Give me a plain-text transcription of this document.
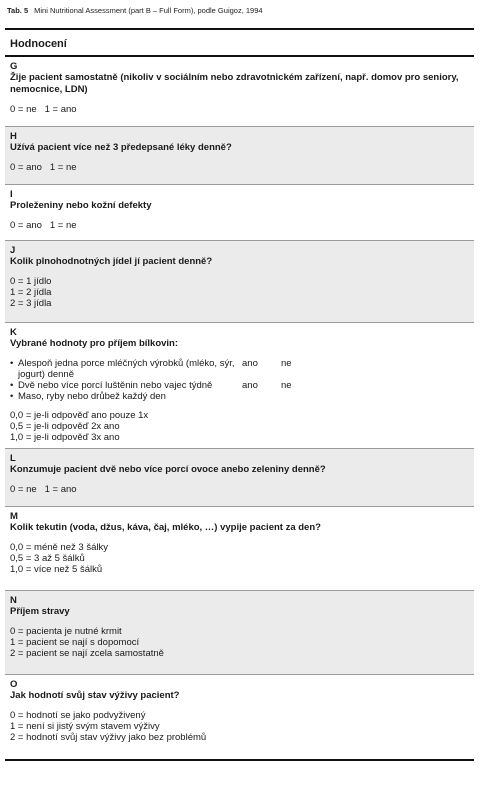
Tab. 5 Mini Nutritional Assessment (part B – Full Form), podle Guigoz, 1994
Hodnocení
G
Žije pacient samostatně (nikoliv v sociálním nebo zdravotnickém zařízení, např. domov pro seniory, nemocnice, LDN)
0 = ne   1 = ano
H
Užívá pacient více než 3 předepsané léky denně?
0 = ano   1 = ne
I
Proleženiny nebo kožní defekty
0 = ano   1 = ne
J
Kolik plnohodnotných jídel jí pacient denně?
0 = 1 jídlo
1 = 2 jídla
2 = 3 jídla
K
Vybrané hodnoty pro příjem bílkovin:
• Alespoň jedna porce mléčných výrobků (mléko, sýr, jogurt) denně
ano ne
• Dvě nebo více porcí luštěnin nebo vajec týdně	ano ne
• Maso, ryby nebo drůbež každý den
0,0 = je-li odpověď ano pouze 1x
0,5 = je-li odpověď 2x ano
1,0 = je-li odpověď 3x ano
L
Konzumuje pacient dvě nebo více porcí ovoce anebo zeleniny denně?
0 = ne   1 = ano
M
Kolik tekutin (voda, džus, káva, čaj, mléko, …) vypije pacient za den?
0,0 = méně než 3 šálky
0,5 = 3 až 5 šálků
1,0 = více než 5 šálků
N
Příjem stravy
0 = pacienta je nutné krmit
1 = pacient se nají s dopomocí
2 = pacient se nají zcela samostatně
O
Jak hodnotí svůj stav výživy pacient?
0 = hodnotí se jako podvyživený
1 = není si jistý svým stavem výživy
2 = hodnotí svůj stav výživy jako bez problémů
